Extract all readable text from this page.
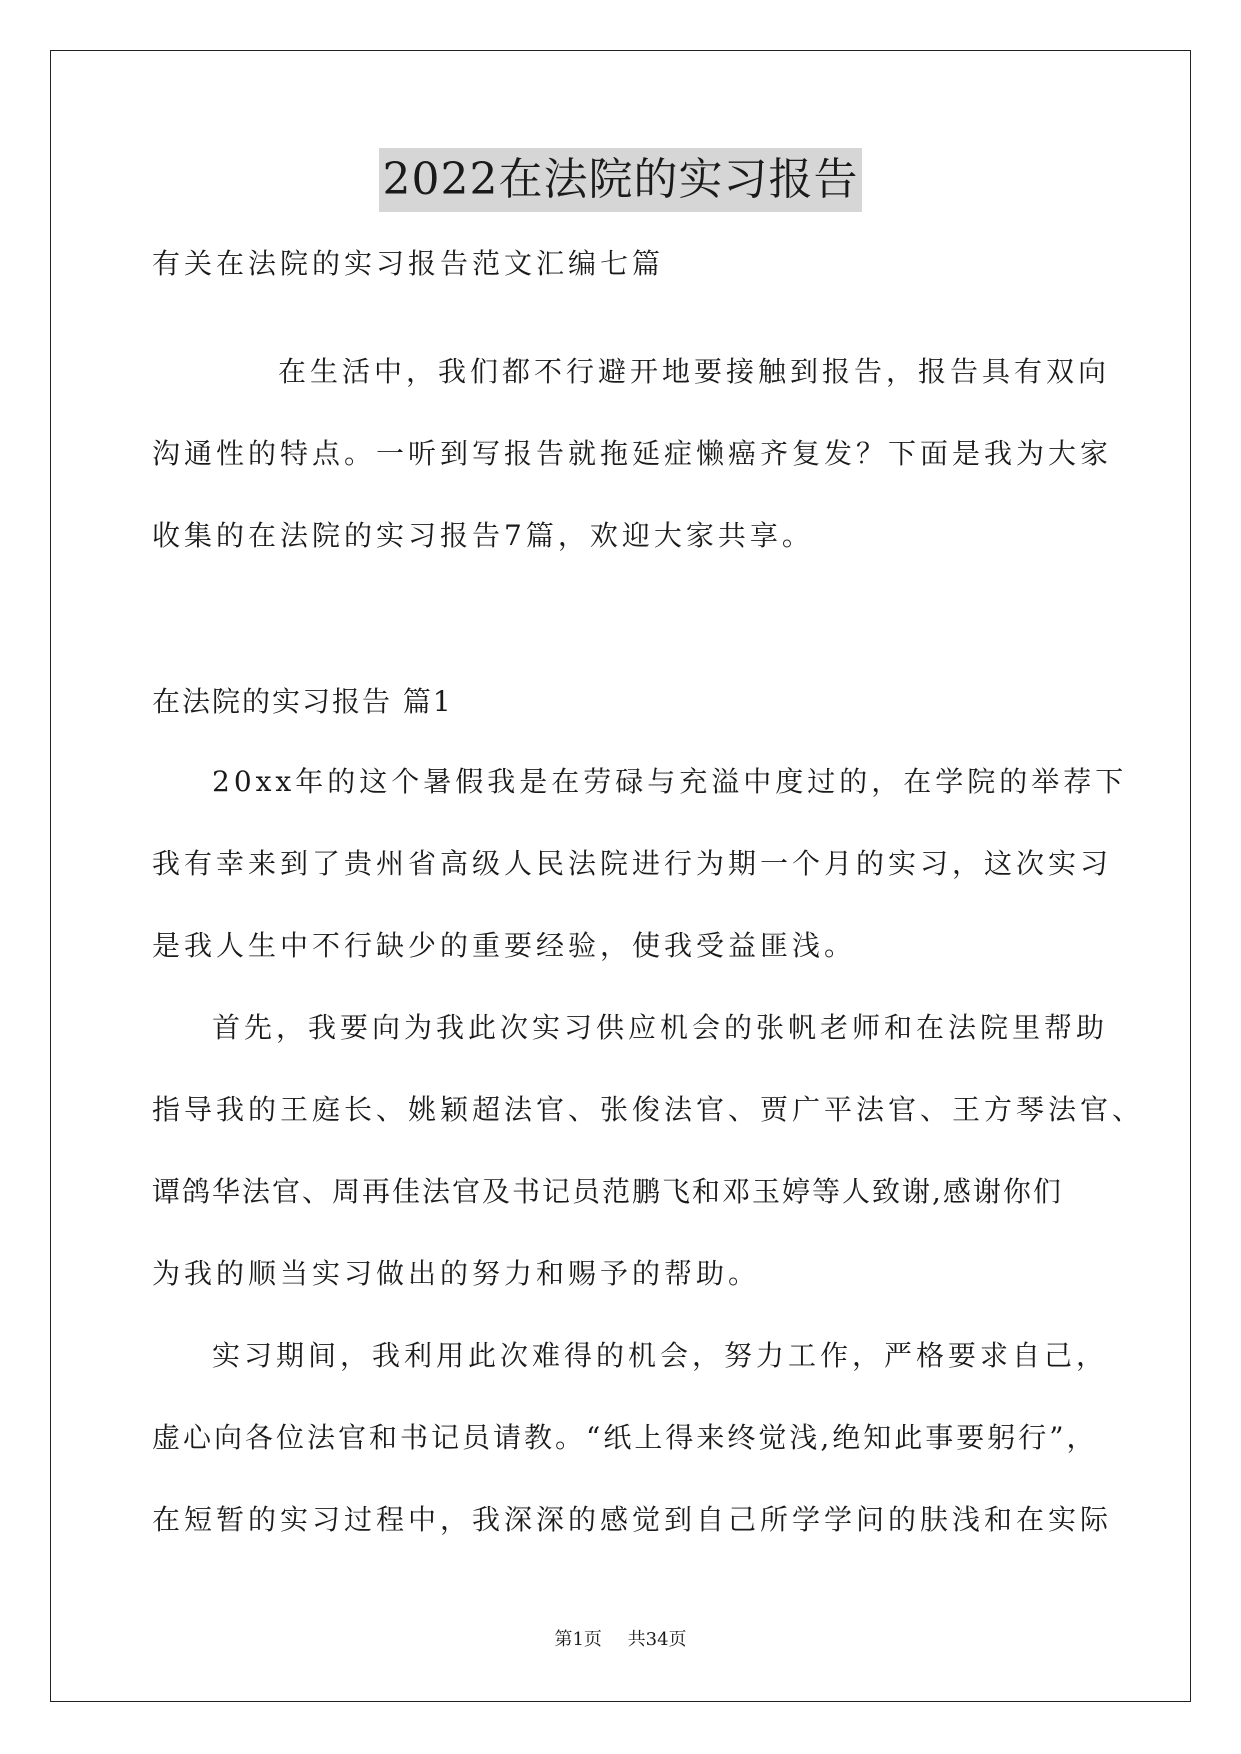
2022在法院的实习报告
有关在法院的实习报告范文汇编七篇
在生活中，我们都不行避开地要接触到报告，报告具有双向
沟通性的特点。一听到写报告就拖延症懒癌齐复发？下面是我为大家
收集的在法院的实习报告7篇，欢迎大家共享。
在法院的实习报告 篇1
20xx年的这个暑假我是在劳碌与充溢中度过的，在学院的举荐下
我有幸来到了贵州省高级人民法院进行为期一个月的实习，这次实习
是我人生中不行缺少的重要经验，使我受益匪浅。
首先，我要向为我此次实习供应机会的张帆老师和在法院里帮助
指导我的王庭长、姚颖超法官、张俊法官、贾广平法官、王方琴法官、
谭鸽华法官、周再佳法官及书记员范鹏飞和邓玉婷等人致谢,感谢你们
为我的顺当实习做出的努力和赐予的帮助。
实习期间，我利用此次难得的机会，努力工作，严格要求自己，
虚心向各位法官和书记员请教。“纸上得来终觉浅,绝知此事要躬行”，
在短暂的实习过程中，我深深的感觉到自己所学学问的肤浅和在实际
第1页 共34页
